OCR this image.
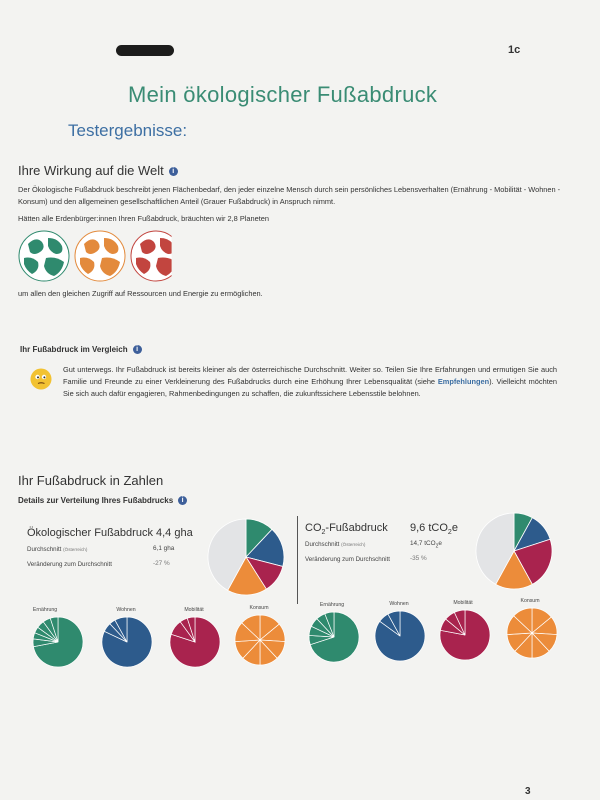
1c
Mein ökologischer Fußabdruck
Testergebnisse:
Ihre Wirkung auf die Welt i
Der Ökologische Fußabdruck beschreibt jenen Flächenbedarf, den jeder einzelne Mensch durch sein persönliches Lebensverhalten (Ernährung - Mobilität - Wohnen - Konsum) und den allgemeinen gesellschaftlichen Anteil (Grauer Fußabdruck) in Anspruch nimmt.
Hätten alle Erdenbürger:innen Ihren Fußabdruck, bräuchten wir 2,8 Planeten
um allen den gleichen Zugriff auf Ressourcen und Energie zu ermöglichen.
Ihr Fußabdruck im Vergleich i
Gut unterwegs. Ihr Fußabdruck ist bereits kleiner als der österreichische Durchschnitt. Weiter so. Teilen Sie Ihre Erfahrungen und ermutigen Sie auch Familie und Freunde zu einer Verkleinerung des Fußabdrucks durch eine Erhöhung Ihrer Lebensqualität (siehe Empfehlungen). Vielleicht möchten Sie sich auch dafür engagieren, Rahmenbedingungen zu schaffen, die zukunftssichere Lebensstile belohnen.
Ihr Fußabdruck in Zahlen
Details zur Verteilung Ihres Fußabdrucks i
Ökologischer Fußabdruck 4,4 gha
Durchschnitt (Österreich)	6,1 gha
Veränderung zum Durchschnitt	-27 %
$CO_2$-Fußabdruck 9,6 tCO$_2$e
Durchschnitt (Österreich)	14,7 tCO$_2$e
Veränderung zum Durchschnitt	-35 %
Ernährung	Wohnen	Mobilität	Konsum	Ernährung	Wohnen	Mobilität	Konsum
3
